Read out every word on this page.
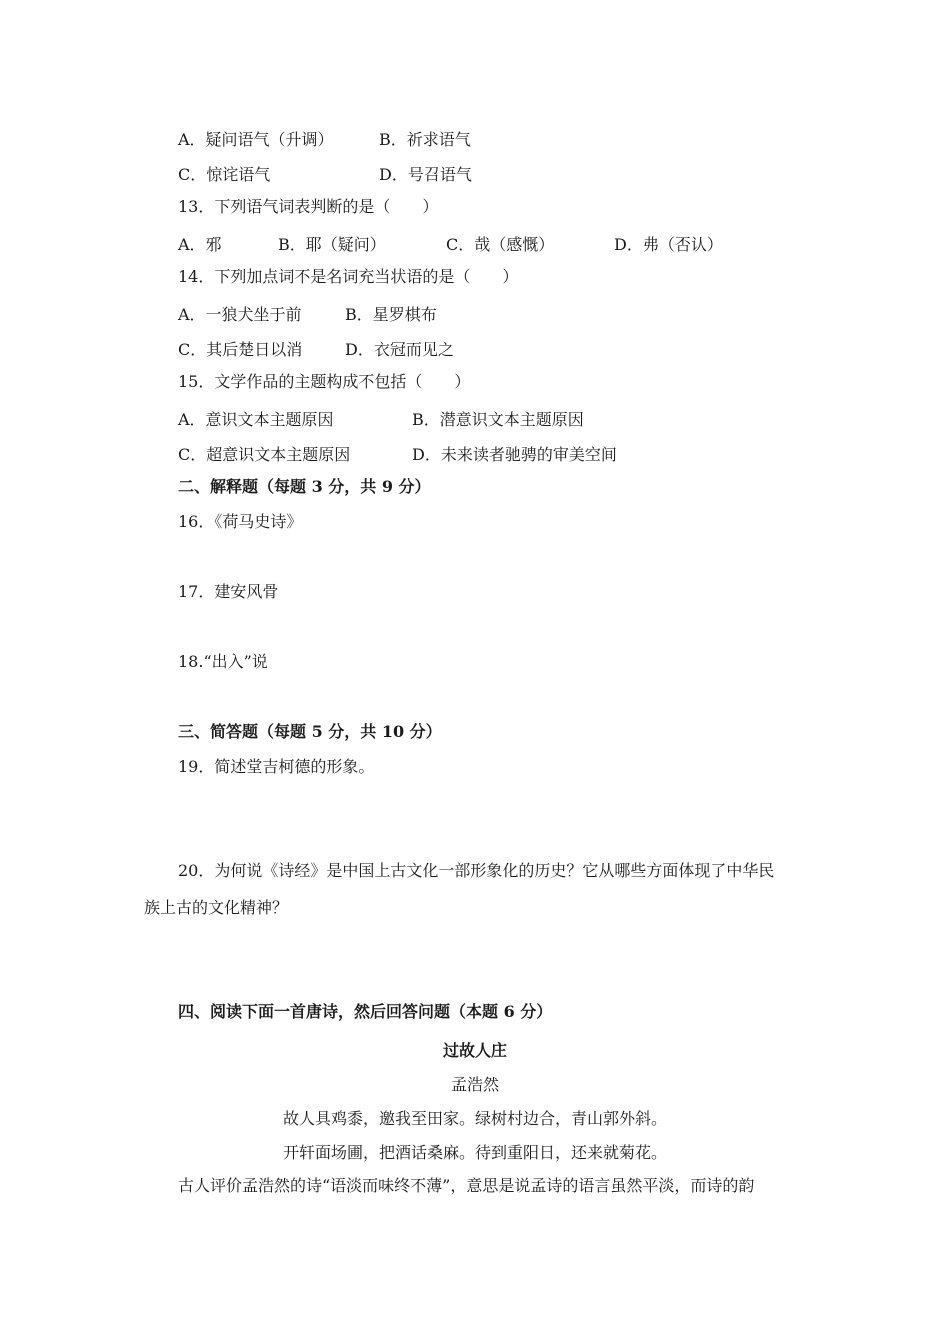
A．疑问语气（升调）	B．祈求语气
C．惊诧语气	D．号召语气
13．下列语气词表判断的是（　　）
A．邪	B．耶（疑问）	C．哉（感慨）	D．弗（否认）
14．下列加点词不是名词充当状语的是（　　）
A．一狼犬坐于前	B．星罗棋布
C．其后楚日以消	D．衣冠而见之
15．文学作品的主题构成不包括（　　）
A．意识文本主题原因	B．潜意识文本主题原因
C．超意识文本主题原因	D．未来读者驰骋的审美空间
二、解释题（每题 3 分，共 9 分）
16．《荷马史诗》
17．建安风骨
18.“出入”说
三、简答题（每题 5 分，共 10 分）
19．简述堂吉柯德的形象。
20．为何说《诗经》是中国上古文化一部形象化的历史？它从哪些方面体现了中华民
族上古的文化精神？
四、阅读下面一首唐诗，然后回答问题（本题 6 分）
过故人庄
孟浩然
故人具鸡黍，邀我至田家。绿树村边合，青山郭外斜。
开轩面场圃，把酒话桑麻。待到重阳日，还来就菊花。
古人评价孟浩然的诗“语淡而味终不薄”，意思是说孟诗的语言虽然平淡，而诗的韵
